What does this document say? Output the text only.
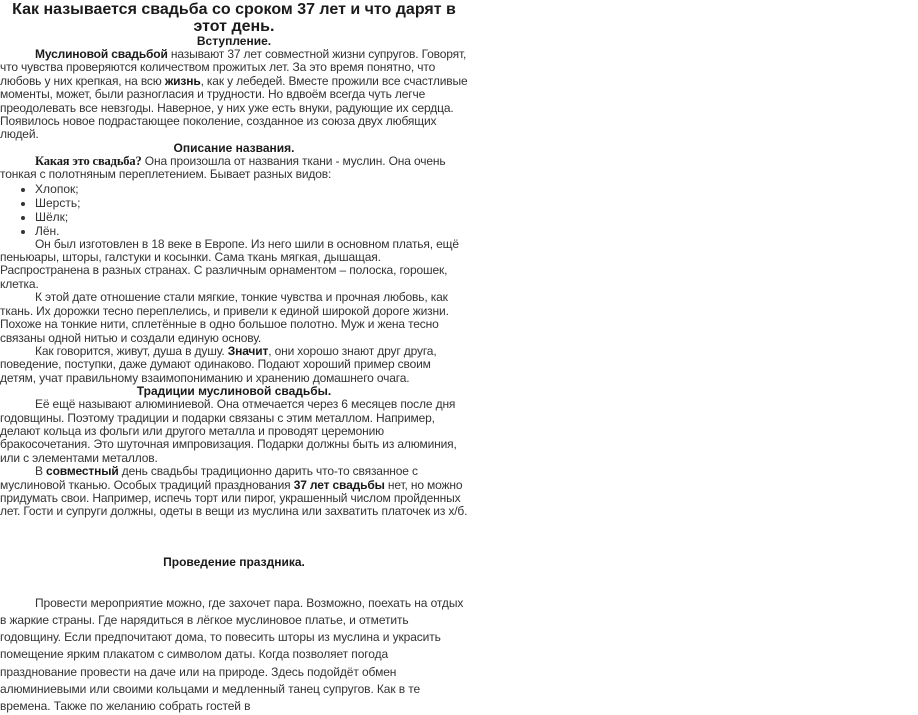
Как называется свадьба со сроком 37 лет и что дарят в этот день.
Вступление.

Муслиновой свадьбой называют 37 лет совместной жизни супругов. Говорят, что чувства проверяются количеством прожитых лет. За это время понятно, что любовь у них крепкая, на всю жизнь, как у лебедей. Вместе прожили все счастливые моменты, может, были разногласия и трудности. Но вдвоём всегда чуть легче преодолевать все невзгоды. Наверное, у них уже есть внуки, радующие их сердца. Появилось новое подрастающее поколение, созданное из союза двух любящих людей.

Описание названия.

Какая это свадьба? Она произошла от названия ткани - муслин. Она очень тонкая с полотняным переплетением. Бывает разных видов:

• Хлопок;
• Шерсть;
• Шёлк;
• Лён.

Он был изготовлен в 18 веке в Европе. Из него шили в основном платья, ещё пеньюары, шторы, галстуки и косынки. Сама ткань мягкая, дышащая. Распространена в разных странах. С различным орнаментом – полоска, горошек, клетка.

К этой дате отношение стали мягкие, тонкие чувства и прочная любовь, как ткань. Их дорожки тесно переплелись, и привели к единой широкой дороге жизни. Похоже на тонкие нити, сплетённые в одно большое полотно. Муж и жена тесно связаны одной нитью и создали единую основу.

Как говорится, живут, душа в душу. Значит, они хорошо знают друг друга, поведение, поступки, даже думают одинаково. Подают хороший пример своим детям, учат правильному взаимопониманию и хранению домашнего очага.

Традиции муслиновой свадьбы.

Её ещё называют алюминиевой. Она отмечается через 6 месяцев после дня годовщины. Поэтому традиции и подарки связаны с этим металлом. Например, делают кольца из фольги или другого металла и проводят церемонию бракосочетания. Это шуточная импровизация. Подарки должны быть из алюминия, или с элементами металлов.

В совместный день свадьбы традиционно дарить что-то связанное с муслиновой тканью. Особых традиций празднования 37 лет свадьбы нет, но можно придумать свои. Например, испечь торт или пирог, украшенный числом пройденных лет. Гости и супруги должны, одеты в вещи из муслина или захватить платочек из х/б.

Проведение праздника.

Провести мероприятие можно, где захочет пара. Возможно, поехать на отдых в жаркие страны. Где нарядиться в лёгкое муслиновое платье, и отметить годовщину. Если предпочитают дома, то повесить шторы из муслина и украсить помещение ярким плакатом с символом даты. Когда позволяет погода празднование провести на даче или на природе. Здесь подойдёт обмен алюминиевыми или своими кольцами и медленный танец супругов. Как в те времена. Также по желанию собрать гостей в
